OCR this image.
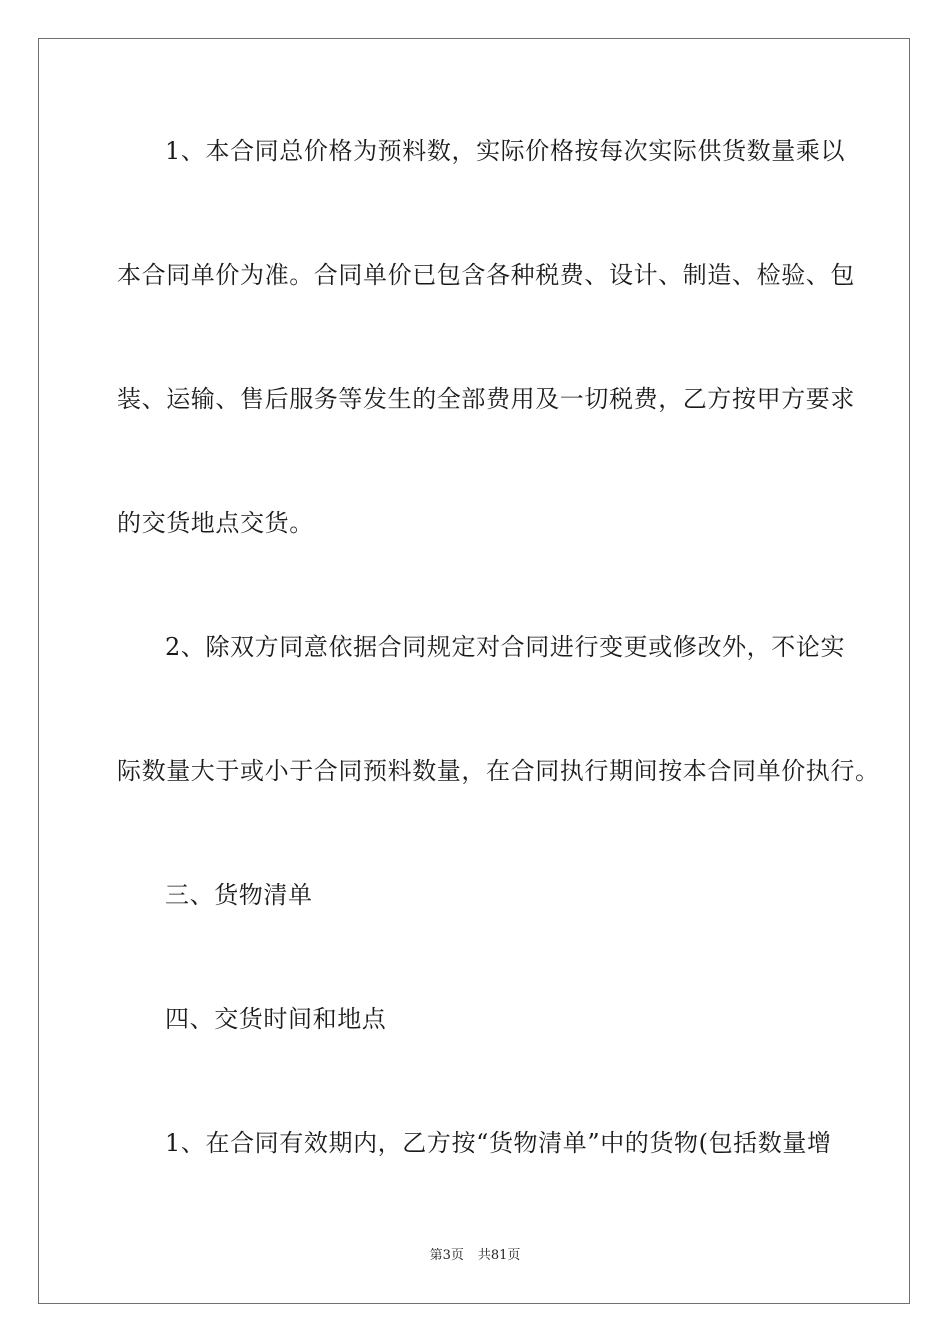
1、本合同总价格为预料数，实际价格按每次实际供货数量乘以
本合同单价为准。合同单价已包含各种税费、设计、制造、检验、包
装、运输、售后服务等发生的全部费用及一切税费，乙方按甲方要求
的交货地点交货。
2、除双方同意依据合同规定对合同进行变更或修改外，不论实
际数量大于或小于合同预料数量，在合同执行期间按本合同单价执行。
三、货物清单
四、交货时间和地点
1、在合同有效期内，乙方按“货物清单”中的货物(包括数量增
第3页 共81页
